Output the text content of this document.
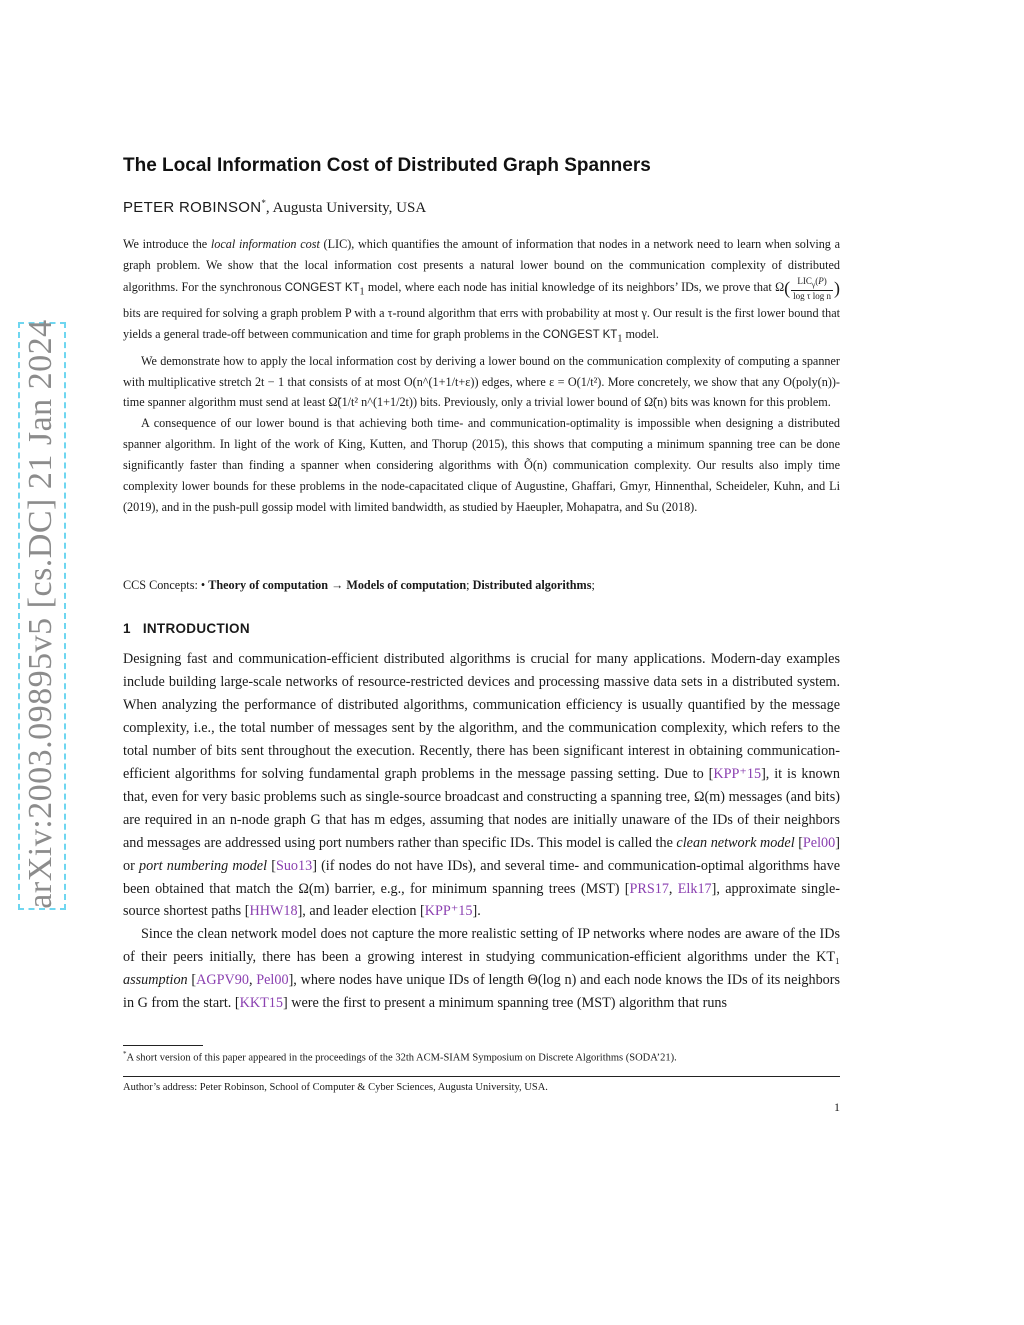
arXiv:2003.09895v5 [cs.DC] 21 Jan 2024
The Local Information Cost of Distributed Graph Spanners
PETER ROBINSON*, Augusta University, USA

We introduce the local information cost (LIC), which quantifies the amount of information that nodes in a network need to learn when solving a graph problem. We show that the local information cost presents a natural lower bound on the communication complexity of distributed algorithms. For the synchronous CONGEST $KT_1$ model, where each node has initial knowledge of its neighbors’ IDs, we prove that $\Omega( \frac{LIC_\gamma(P)}{\text{log τ log n}}$ ) bits are required for solving a graph problem P with a τ-round algorithm that errs with probability at most γ. Our result is the first lower bound that yields a general trade-off between communication and time for graph problems in the CONGEST $KT_1$ model.

We demonstrate how to apply the local information cost by deriving a lower bound on the communication complexity of computing a spanner with multiplicative stretch 2t − 1 that consists of at most O(n^(1+1/t+ε)) edges, where ε = O(1/t²). More concretely, we show that any O(poly(n))-time spanner algorithm must send at least Ω̃(1/t² n^(1+1/2t)) bits. Previously, only a trivial lower bound of Ω̃(n) bits was known for this problem.

A consequence of our lower bound is that achieving both time- and communication-optimality is impossible when designing a distributed spanner algorithm. In light of the work of King, Kutten, and Thorup (2015), this shows that computing a minimum spanning tree can be done significantly faster than finding a spanner when considering algorithms with Õ(n) communication complexity. Our results also imply time complexity lower bounds for these problems in the node-capacitated clique of Augustine, Ghaffari, Gmyr, Hinnenthal, Scheideler, Kuhn, and Li (2019), and in the push-pull gossip model with limited bandwidth, as studied by Haeupler, Mohapatra, and Su (2018).

CCS Concepts: • Theory of computation → Models of computation; Distributed algorithms;
1 INTRODUCTION

Designing fast and communication-efficient distributed algorithms is crucial for many applications. Modern-day examples include building large-scale networks of resource-restricted devices and processing massive data sets in a distributed system. When analyzing the performance of distributed algorithms, communication efficiency is usually quantified by the message complexity, i.e., the total number of messages sent by the algorithm, and the communication complexity, which refers to the total number of bits sent throughout the execution. Recently, there has been significant interest in obtaining communication-efficient algorithms for solving fundamental graph problems in the message passing setting. Due to [KPP⁺15], it is known that, even for very basic problems such as single-source broadcast and constructing a spanning tree, Ω(m) messages (and bits) are required in an n-node graph G that has m edges, assuming that nodes are initially unaware of the IDs of their neighbors and messages are addressed using port numbers rather than specific IDs. This model is called the clean network model [Pel00] or port numbering model [Suo13] (if nodes do not have IDs), and several time- and communication-optimal algorithms have been obtained that match the Ω(m) barrier, e.g., for minimum spanning trees (MST) [PRS17, Elk17], approximate single-source shortest paths [HHW18], and leader election [KPP⁺15].

Since the clean network model does not capture the more realistic setting of IP networks where nodes are aware of the IDs of their peers initially, there has been a growing interest in studying communication-efficient algorithms under the KT₁ assumption [AGPV90, Pel00], where nodes have unique IDs of length Θ(log n) and each node knows the IDs of its neighbors in G from the start. [KKT15] were the first to present a minimum spanning tree (MST) algorithm that runs

*A short version of this paper appeared in the proceedings of the 32th ACM-SIAM Symposium on Discrete Algorithms (SODA’21).
Author’s address: Peter Robinson, School of Computer & Cyber Sciences, Augusta University, USA.
1
